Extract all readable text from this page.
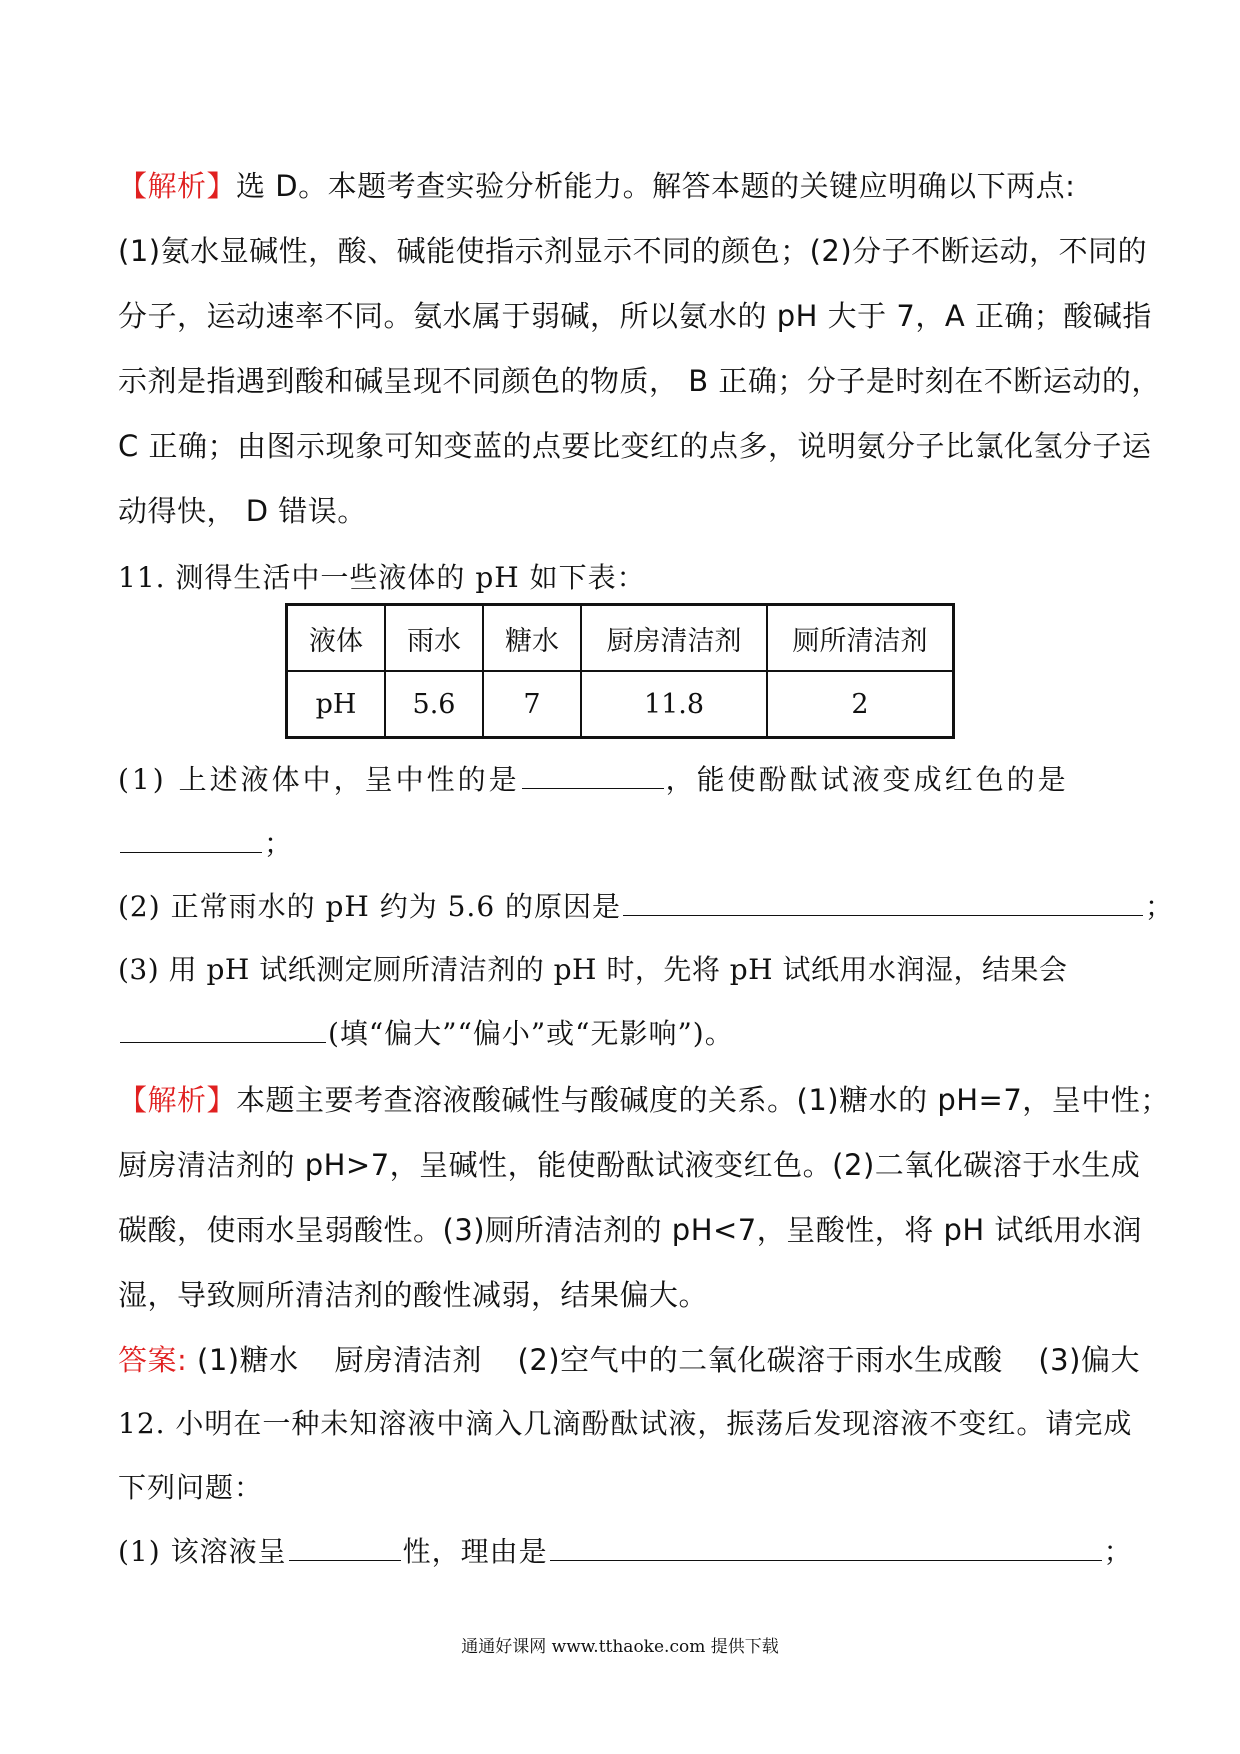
【解析】选 D。本题考查实验分析能力。解答本题的关键应明确以下两点:
(1)氨水显碱性，酸、碱能使指示剂显示不同的颜色；(2)分子不断运动，不同的
分子，运动速率不同。氨水属于弱碱，所以氨水的 pH 大于 7，A 正确；酸碱指
示剂是指遇到酸和碱呈现不同颜色的物质， B 正确；分子是时刻在不断运动的，
C 正确；由图示现象可知变蓝的点要比变红的点多，说明氨分子比氯化氢分子运
动得快， D 错误。
11. 测得生活中一些液体的 pH 如下表：
液体	雨水	糖水	厨房清洁剂	厕所清洁剂
pH	5.6	7	11.8	2
(1) 上述液体中，呈中性的是	，能使酚酞试液变成红色的是
；
(2) 正常雨水的 pH 约为 5.6 的原因是	；
(3) 用 pH 试纸测定厕所清洁剂的 pH 时，先将 pH 试纸用水润湿，结果会
(填“偏大”“偏小”或“无影响”)。
【解析】本题主要考查溶液酸碱性与酸碱度的关系。(1)糖水的 pH=7，呈中性；
厨房清洁剂的 pH>7，呈碱性，能使酚酞试液变红色。(2)二氧化碳溶于水生成
碳酸，使雨水呈弱酸性。(3)厕所清洁剂的 pH<7，呈酸性，将 pH 试纸用水润
湿，导致厕所清洁剂的酸性减弱，结果偏大。
答案: (1)糖水 厨房清洁剂 (2)空气中的二氧化碳溶于雨水生成酸 (3)偏大
12. 小明在一种未知溶液中滴入几滴酚酞试液，振荡后发现溶液不变红。请完成
下列问题：
(1) 该溶液呈	性，理由是	；
通通好课网 www.tthaoke.com 提供下载
